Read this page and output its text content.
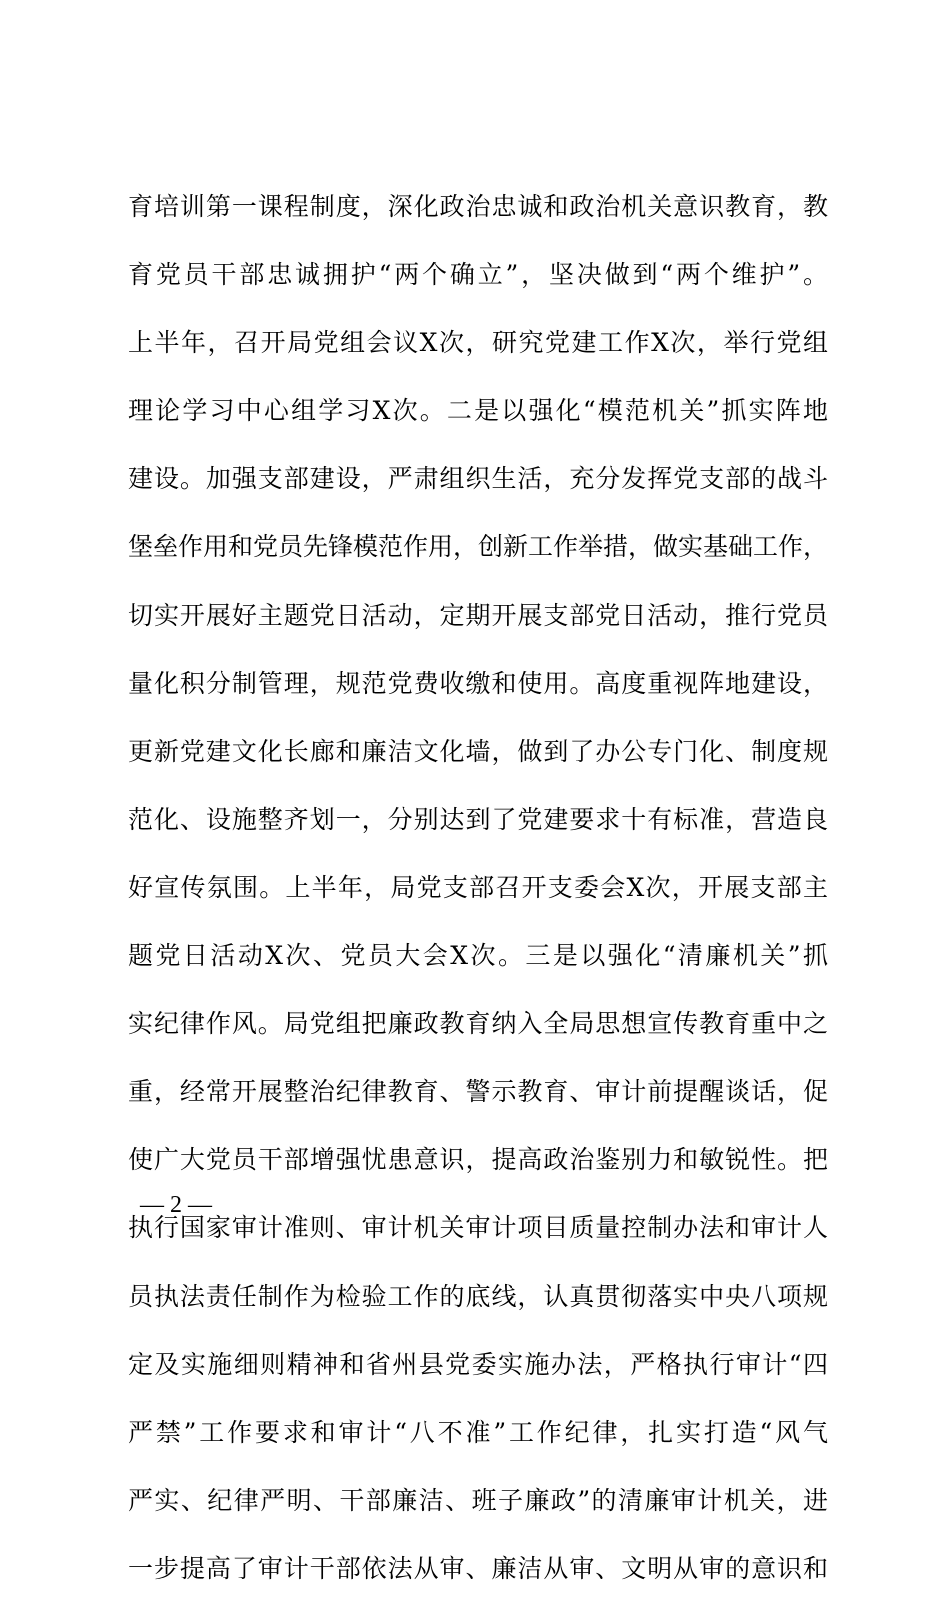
育培训第一课程制度，深化政治忠诚和政治机关意识教育，教
育党员干部忠诚拥护“两个确立”，坚决做到“两个维护”。
上半年，召开局党组会议X次，研究党建工作X次，举行党组
理论学习中心组学习X次。二是以强化“模范机关”抓实阵地
建设。加强支部建设，严肃组织生活，充分发挥党支部的战斗
堡垒作用和党员先锋模范作用，创新工作举措，做实基础工作，
切实开展好主题党日活动，定期开展支部党日活动，推行党员
量化积分制管理，规范党费收缴和使用。高度重视阵地建设，
更新党建文化长廊和廉洁文化墙，做到了办公专门化、制度规
范化、设施整齐划一，分别达到了党建要求十有标准，营造良
好宣传氛围。上半年，局党支部召开支委会X次，开展支部主
题党日活动X次、党员大会X次。三是以强化“清廉机关”抓
实纪律作风。局党组把廉政教育纳入全局思想宣传教育重中之
重，经常开展整治纪律教育、警示教育、审计前提醒谈话，促
使广大党员干部增强忧患意识，提高政治鉴别力和敏锐性。把
执行国家审计准则、审计机关审计项目质量控制办法和审计人
员执法责任制作为检验工作的底线，认真贯彻落实中央八项规
定及实施细则精神和省州县党委实施办法，严格执行审计“四
严禁”工作要求和审计“八不准”工作纪律，扎实打造“风气
严实、纪律严明、干部廉洁、班子廉政”的清廉审计机关，进
一步提高了审计干部依法从审、廉洁从审、文明从审的意识和
— 2 —
